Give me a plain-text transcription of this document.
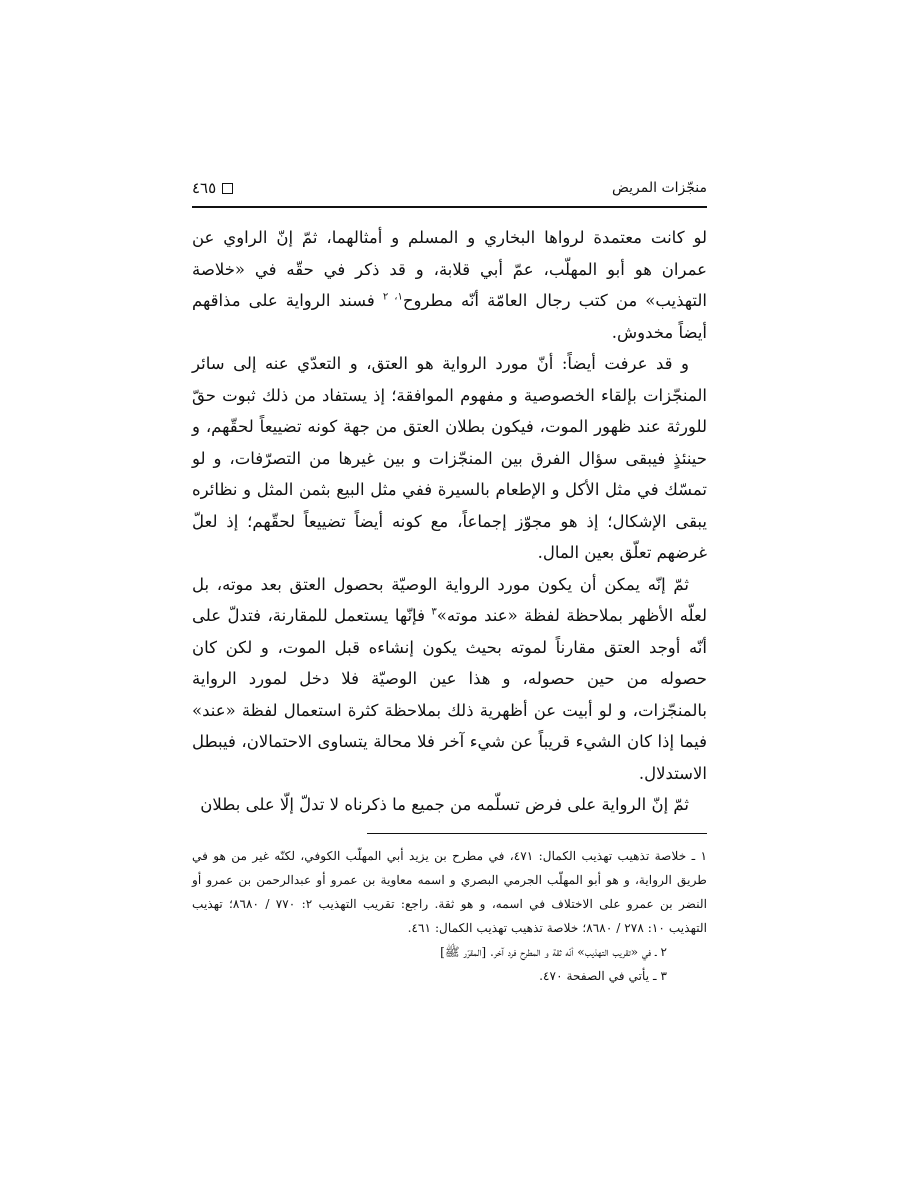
منجّزات المريض
٤٦٥

لو كانت معتمدة لرواها البخاري و المسلم و أمثالهما، ثمّ إنّ الراوي عن عمران هو أبو المهلّب، عمّ أبي قلابة، و قد ذكر في حقّه في «خلاصة التهذيب» من كتب رجال العامّة أنّه مطروح$^{١، ٢}$ فسند الرواية على مذاقهم أيضاً مخدوش.

و قد عرفت أيضاً: أنّ مورد الرواية هو العتق، و التعدّي عنه إلى سائر المنجّزات بإلقاء الخصوصية و مفهوم الموافقة؛ إذ يستفاد من ذلك ثبوت حقّ للورثة عند ظهور الموت، فيكون بطلان العتق من جهة كونه تضييعاً لحقّهم، و حينئذٍ فيبقى سؤال الفرق بين المنجّزات و بين غيرها من التصرّفات، و لو تمسّك في مثل الأكل و الإطعام بالسيرة ففي مثل البيع بثمن المثل و نظائره يبقى الإشكال؛ إذ هو مجوّز إجماعاً، مع كونه أيضاً تضييعاً لحقّهم؛ إذ لعلّ غرضهم تعلّق بعين المال.

ثمّ إنّه يمكن أن يكون مورد الرواية الوصيّة بحصول العتق بعد موته، بل لعلّه الأظهر بملاحظة لفظة «عند موته»$^٣$ فإنّها يستعمل للمقارنة، فتدلّ على أنّه أوجد العتق مقارناً لموته بحيث يكون إنشاءه قبل الموت، و لكن كان حصوله من حين حصوله، و هذا عين الوصيّة فلا دخل لمورد الرواية بالمنجّزات، و لو أبيت عن أظهرية ذلك بملاحظة كثرة استعمال لفظة «عند» فيما إذا كان الشيء قريباً عن شيء آخر فلا محالة يتساوى الاحتمالان، فيبطل الاستدلال.

ثمّ إنّ الرواية على فرض تسلّمه من جميع ما ذكرناه لا تدلّ إلّا على بطلان

١ ـ خلاصة تذهيب تهذيب الكمال: ٤٧١، في مطرح بن يزيد أبي المهلّب الكوفي، لكنّه غير من هو في طريق الرواية، و هو أبو المهلّب الجرمي البصري و اسمه معاوية بن عمرو أو عبدالرحمن بن عمرو أو النضر بن عمرو على الاختلاف في اسمه، و هو ثقة. راجع: تقريب التهذيب ٢: ٧٧٠ / ٨٦٨٠؛ تهذيب التهذيب ١٠: ٢٧٨ / ٨٦٨٠؛ خلاصة تذهيب تهذيب الكمال: ٤٦١.

٢ ـ في «تقريب التهذيب» أنّه ثقة و المطرح فرد آخر. [المقرّر ﷺ]

٣ ـ يأتي في الصفحة ٤٧٠.
